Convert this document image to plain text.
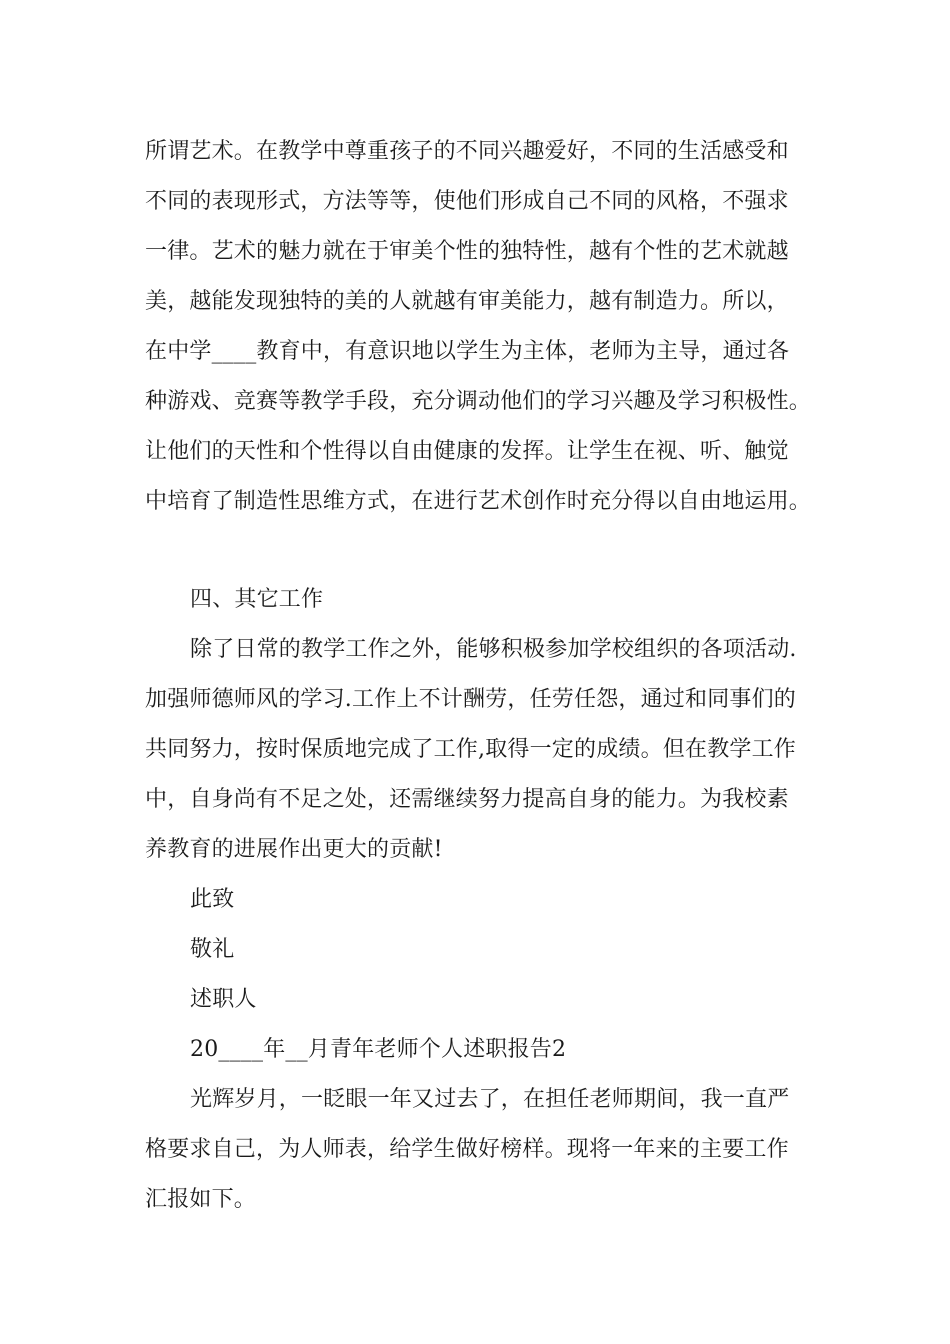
所谓艺术。在教学中尊重孩子的不同兴趣爱好，不同的生活感受和
不同的表现形式，方法等等，使他们形成自己不同的风格，不强求
一律。艺术的魅力就在于审美个性的独特性，越有个性的艺术就越
美，越能发现独特的美的人就越有审美能力，越有制造力。所以，
在中学____教育中，有意识地以学生为主体，老师为主导，通过各
种游戏、竞赛等教学手段，充分调动他们的学习兴趣及学习积极性。
让他们的天性和个性得以自由健康的发挥。让学生在视、听、触觉
中培育了制造性思维方式，在进行艺术创作时充分得以自由地运用。
四、其它工作
除了日常的教学工作之外，能够积极参加学校组织的各项活动.
加强师德师风的学习.工作上不计酬劳，任劳任怨，通过和同事们的
共同努力，按时保质地完成了工作,取得一定的成绩。但在教学工作
中，自身尚有不足之处，还需继续努力提高自身的能力。为我校素
养教育的进展作出更大的贡献!
此致
敬礼
述职人
20____年__月青年老师个人述职报告2
光辉岁月，一眨眼一年又过去了，在担任老师期间，我一直严
格要求自己，为人师表，给学生做好榜样。现将一年来的主要工作
汇报如下。
